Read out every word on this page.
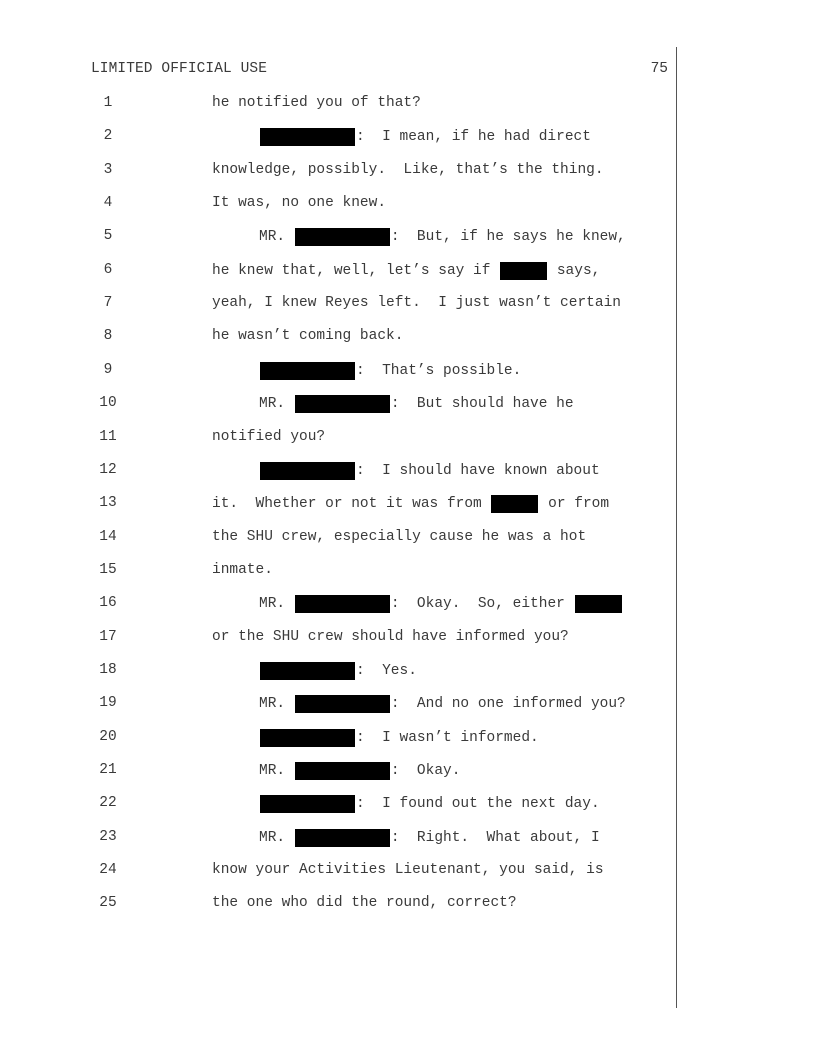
LIMITED OFFICIAL USE	75
1	he notified you of that?
2	:  I mean, if he had direct
3	knowledge, possibly.  Like, that’s the thing.
4	It was, no one knew.
5	MR.	:  But, if he says he knew,
6	he knew that, well, let’s say if	says,
7	yeah, I knew Reyes left.  I just wasn’t certain
8	he wasn’t coming back.
9	:  That’s possible.
10	MR.	:  But should have he
11	notified you?
12	:  I should have known about
13	it.  Whether or not it was from	or from
14	the SHU crew, especially cause he was a hot
15	inmate.
16	MR.	:  Okay.  So, either
17	or the SHU crew should have informed you?
18	:  Yes.
19	MR.	:  And no one informed you?
20	:  I wasn’t informed.
21	MR.	:  Okay.
22	:  I found out the next day.
23	MR.	:  Right.  What about, I
24	know your Activities Lieutenant, you said, is
25	the one who did the round, correct?
